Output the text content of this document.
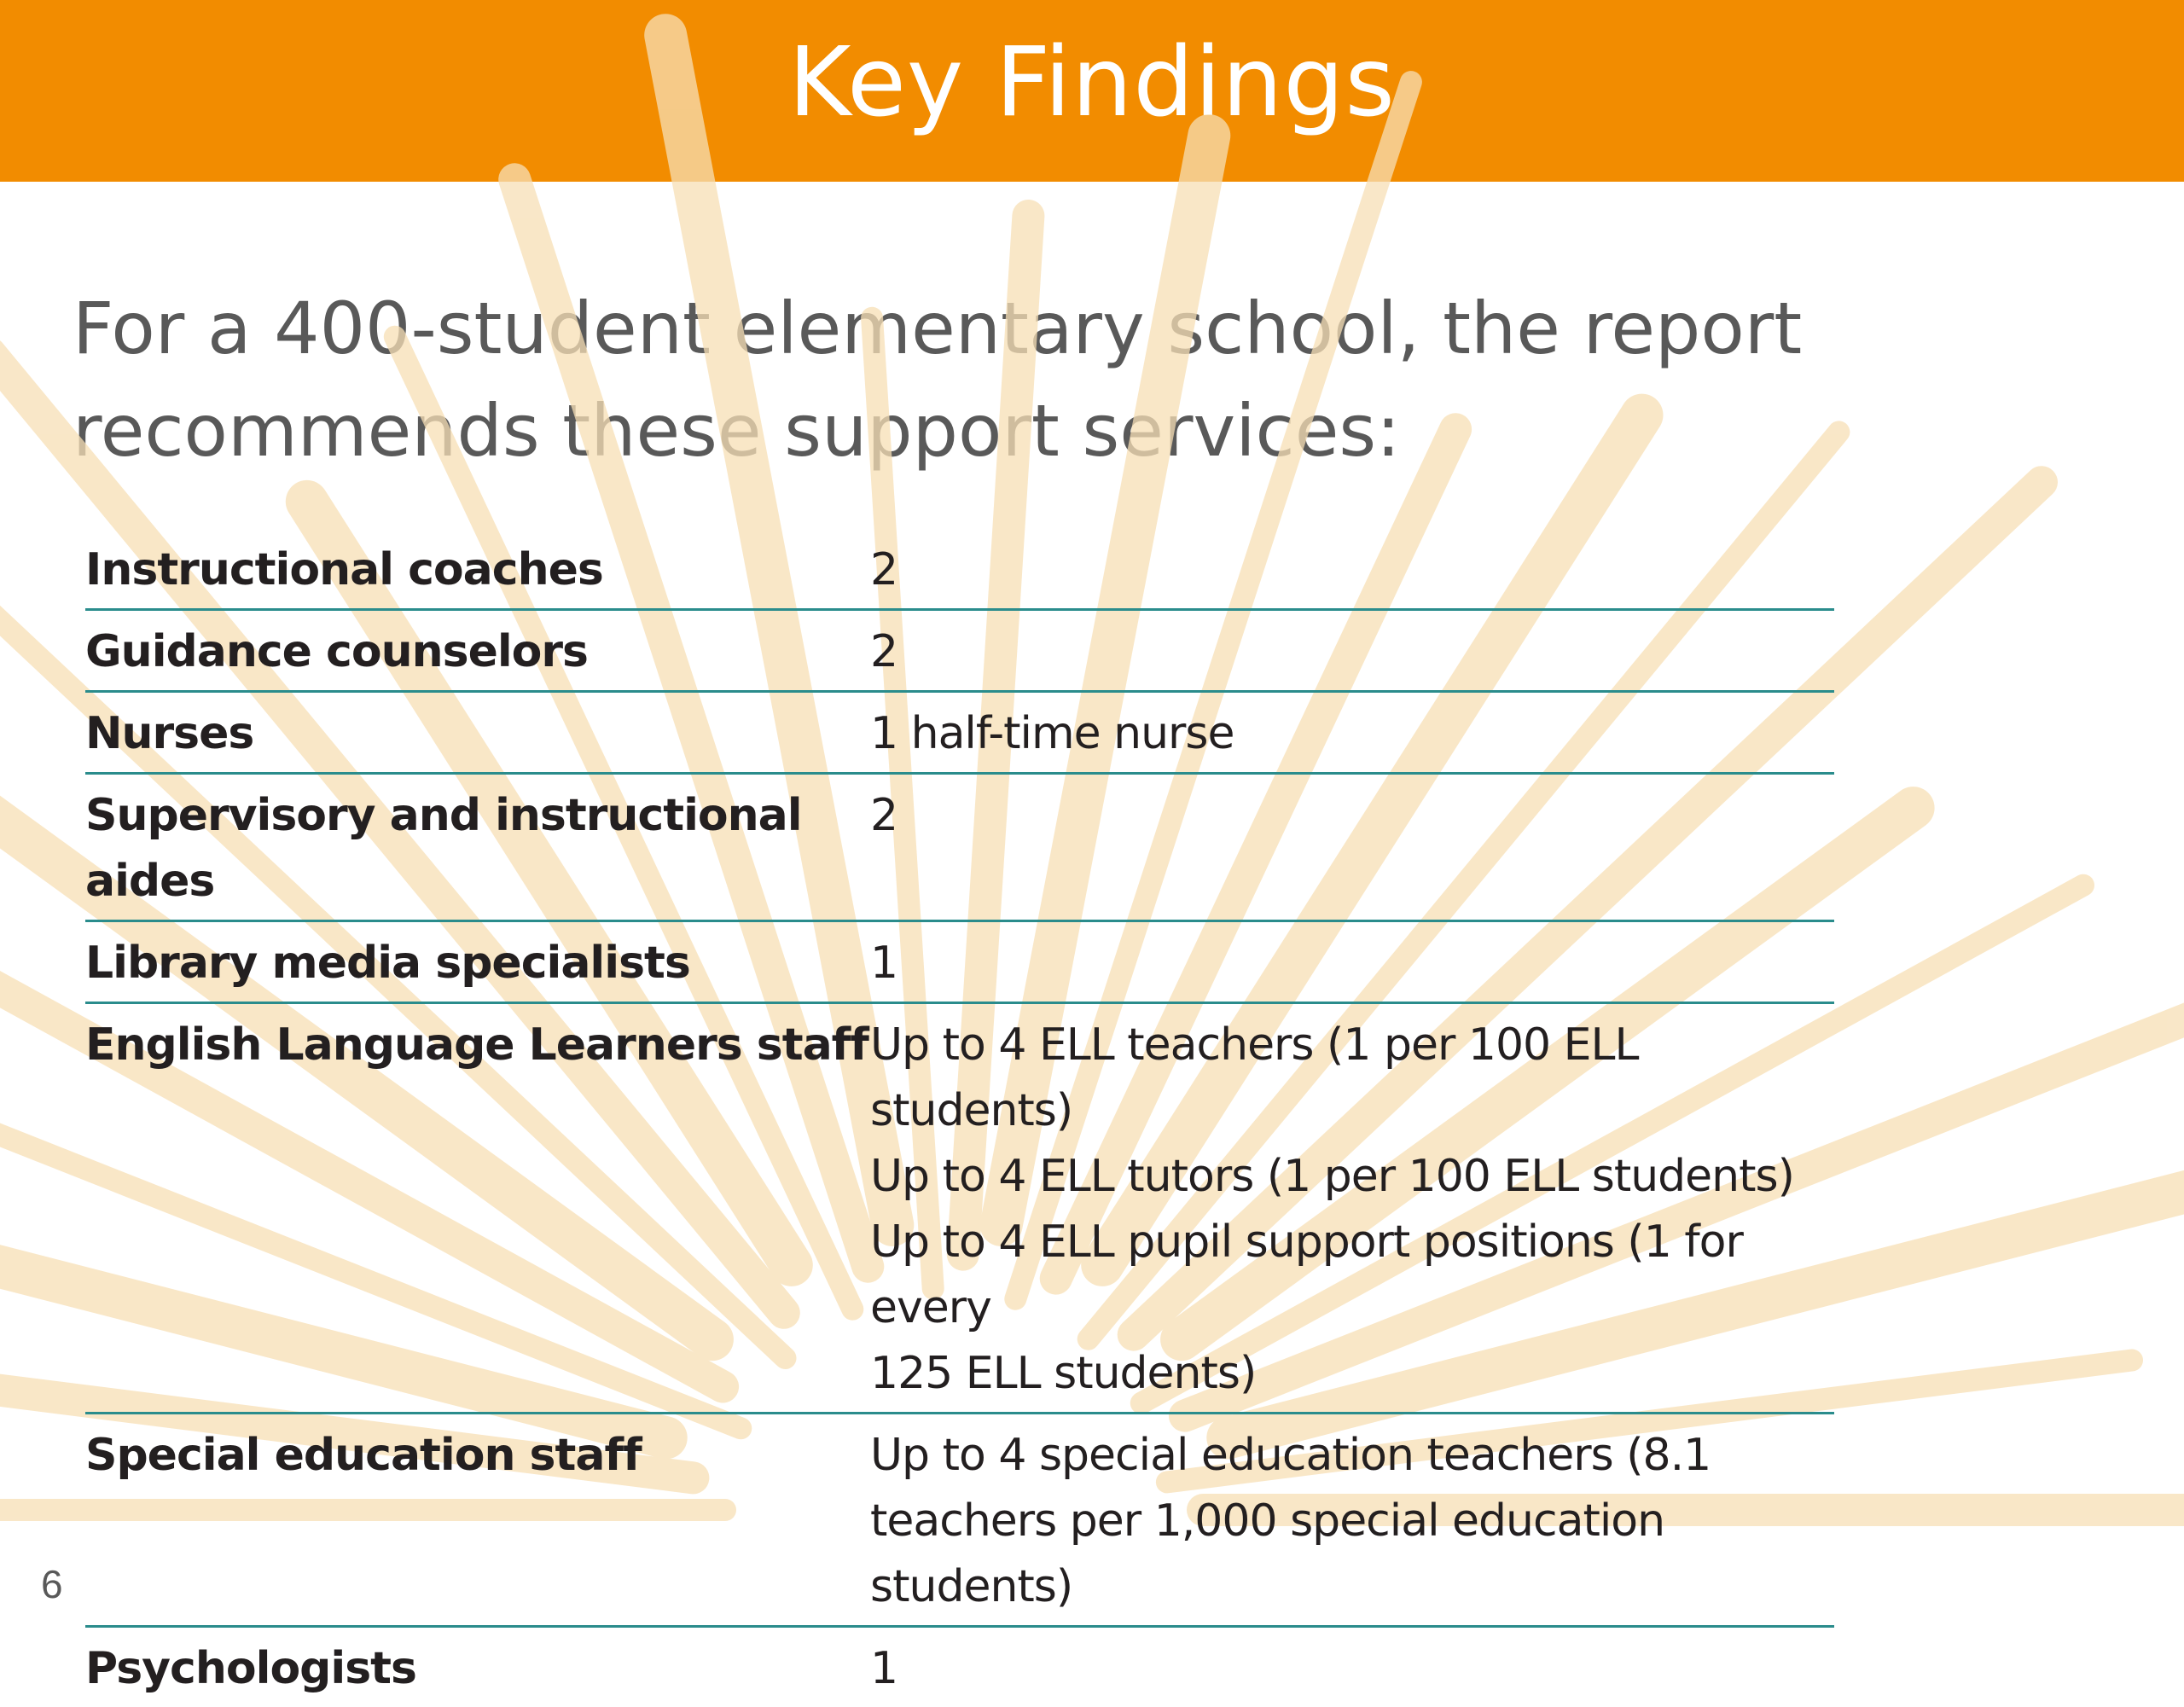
Key Findings

For a 400-student elementary school, the report recommends these support services:

Instructional coaches	2

Guidance counselors	2

Nurses	1 half-time nurse

Supervisory and instructional aides	2

Library media specialists	1

English Language Learners staff	Up to 4 ELL teachers (1 per 100 ELL students)
Up to 4 ELL tutors (1 per 100 ELL students)
Up to 4 ELL pupil support positions (1 for every
125 ELL students)

Special education staff	Up to 4 special education teachers (8.1
teachers per 1,000 special education students)

Psychologists	1
6
